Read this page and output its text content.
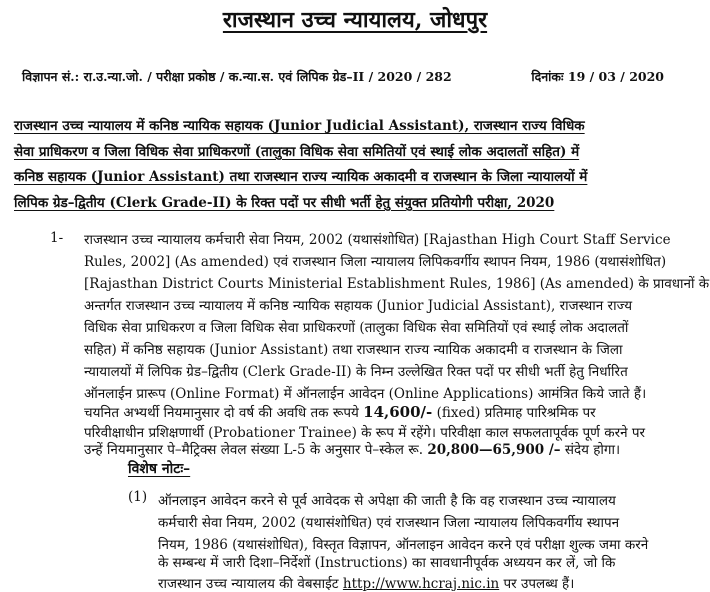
राजस्थान उच्च न्यायालय, जोधपुर
विज्ञापन सं.: रा.उ.न्या.जो. / परीक्षा प्रकोष्ठ / क.न्या.स. एवं लिपिक ग्रेड–II / 2020 / 282	दिनांकः 19 / 03 / 2020
राजस्थान उच्च न्यायालय में कनिष्ठ न्यायिक सहायक (Junior Judicial Assistant), राजस्थान राज्य विधिक
सेवा प्राधिकरण व जिला विधिक सेवा प्राधिकरणों (तालुका विधिक सेवा समितियों एवं स्थाई लोक अदालतों सहित) में
कनिष्ठ सहायक (Junior Assistant) तथा राजस्थान राज्य न्यायिक अकादमी व राजस्थान के जिला न्यायालयों में
लिपिक ग्रेड–द्वितीय (Clerk Grade-II) के रिक्त पदों पर सीधी भर्ती हेतु संयुक्त प्रतियोगी परीक्षा, 2020
1- राजस्थान उच्च न्यायालय कर्मचारी सेवा नियम, 2002 (यथासंशोधित) [Rajasthan High Court Staff Service
Rules, 2002] (As amended) एवं राजस्थान जिला न्यायालय लिपिकवर्गीय स्थापन नियम, 1986 (यथासंशोधित)
[Rajasthan District Courts Ministerial Establishment Rules, 1986] (As amended) के प्रावधानों के
अन्तर्गत राजस्थान उच्च न्यायालय में कनिष्ठ न्यायिक सहायक (Junior Judicial Assistant), राजस्थान राज्य
विधिक सेवा प्राधिकरण व जिला विधिक सेवा प्राधिकरणों (तालुका विधिक सेवा समितियों एवं स्थाई लोक अदालतों
सहित) में कनिष्ठ सहायक (Junior Assistant) तथा राजस्थान राज्य न्यायिक अकादमी व राजस्थान के जिला
न्यायालयों में लिपिक ग्रेड–द्वितीय (Clerk Grade-II) के निम्न उल्लेखित रिक्त पदों पर सीधी भर्ती हेतु निर्धारित
ऑनलाईन प्रारूप (Online Format) में ऑनलाईन आवेदन (Online Applications) आमंत्रित किये जाते हैं।
चयनित अभ्यर्थी नियमानुसार दो वर्ष की अवधि तक रूपये 14,600/- (fixed) प्रतिमाह पारिश्रमिक पर
परिवीक्षाधीन प्रशिक्षणार्थी (Probationer Trainee) के रूप में रहेंगे। परिवीक्षा काल सफलतापूर्वक पूर्ण करने पर
उन्हें नियमानुसार पे–मैट्रिक्स लेवल संख्या L-5 के अनुसार पे–स्केल रू. 20,800—65,900 /– संदेय होगा।
विशेष नोटः–
(1) ऑनलाइन आवेदन करने से पूर्व आवेदक से अपेक्षा की जाती है कि वह राजस्थान उच्च न्यायालय
कर्मचारी सेवा नियम, 2002 (यथासंशोधित) एवं राजस्थान जिला न्यायालय लिपिकवर्गीय स्थापन
नियम, 1986 (यथासंशोधित), विस्तृत विज्ञापन, ऑनलाइन आवेदन करने एवं परीक्षा शुल्क जमा करने
के सम्बन्ध में जारी दिशा–निर्देशों (Instructions) का सावधानीपूर्वक अध्ययन कर लें, जो कि
राजस्थान उच्च न्यायालय की वेबसाईट http://www.hcraj.nic.in पर उपलब्ध हैं।
